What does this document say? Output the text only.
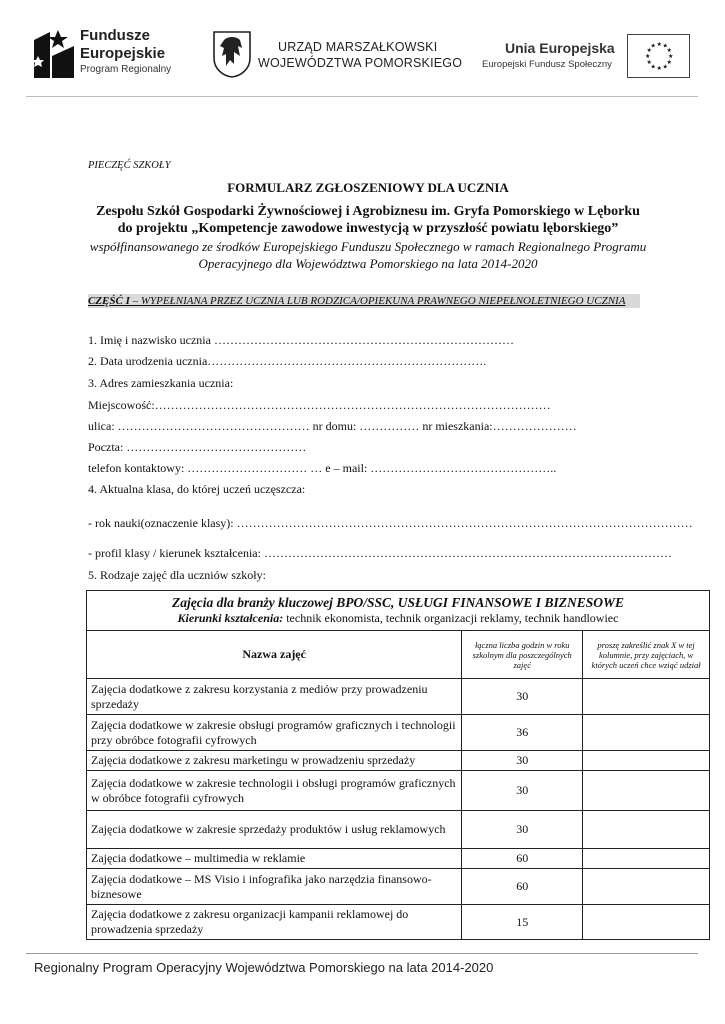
Fundusze
Europejskie
Program Regionalny
URZĄD MARSZAŁKOWSKI
WOJEWÓDZTWA POMORSKIEGO
Unia Europejska
Europejski Fundusz Społeczny
★ ★
★
★
★
★
★
★
★
★
★
★
PIECZĘĆ SZKOŁY
FORMULARZ ZGŁOSZENIOWY DLA UCZNIA
Zespołu Szkół Gospodarki Żywnościowej i Agrobiznesu im. Gryfa Pomorskiego w Lęborku
do projektu „Kompetencje zawodowe inwestycją w przyszłość powiatu lęborskiego”
współfinansowanego ze środków Europejskiego Funduszu Społecznego w ramach Regionalnego Programu
Operacyjnego dla Województwa Pomorskiego na lata 2014-2020
CZĘŚĆ I – WYPEŁNIANA PRZEZ UCZNIA LUB RODZICA/OPIEKUNA PRAWNEGO NIEPEŁNOLETNIEGO UCZNIA
1. Imię i nazwisko ucznia …………………………………………………………………
2. Data urodzenia ucznia…………………………………………………………….
3. Adres zamieszkania ucznia:
Miejscowość:………………………………………………………………………………………
ulica: ………………………………………… nr domu: …………… nr mieszkania:…………………
Poczta: ………………………………………
telefon kontaktowy: ………………………… … e – mail: ………………………………………..
4. Aktualna klasa, do której uczeń uczęszcza:
- rok nauki(oznaczenie klasy): ……………………………………………………………………………………………………
- profil klasy / kierunek kształcenia: …………………………………………………………………………………………
5. Rodzaje zajęć dla uczniów szkoły:
Zajęcia dla branży kluczowej BPO/SSC, USŁUGI FINANSOWE I BIZNESOWE
Kierunki kształcenia: technik ekonomista, technik organizacji reklamy, technik handlowiec		

Nazwa zajęć	łączna liczba godzin w roku szkolnym dla poszczególnych zajęć	proszę zakreślić znak X w tej kolumnie, przy zajęciach, w których uczeń chce wziąć udział
Zajęcia dodatkowe z zakresu korzystania z mediów przy prowadzeniu sprzedaży	30	
Zajęcia dodatkowe w zakresie obsługi programów graficznych i technologii przy obróbce fotografii cyfrowych	36	
Zajęcia dodatkowe z zakresu marketingu w prowadzeniu sprzedaży	30	
Zajęcia dodatkowe w zakresie technologii i obsługi programów graficznych w obróbce fotografii cyfrowych	30	
Zajęcia dodatkowe w zakresie sprzedaży produktów i usług reklamowych	30	
Zajęcia dodatkowe – multimedia w reklamie	60	
Zajęcia dodatkowe – MS Visio i infografika jako narzędzia finansowo-biznesowe	60	
Zajęcia dodatkowe z zakresu organizacji kampanii reklamowej do prowadzenia sprzedaży	15	
Regionalny Program Operacyjny Województwa Pomorskiego na lata 2014-2020
